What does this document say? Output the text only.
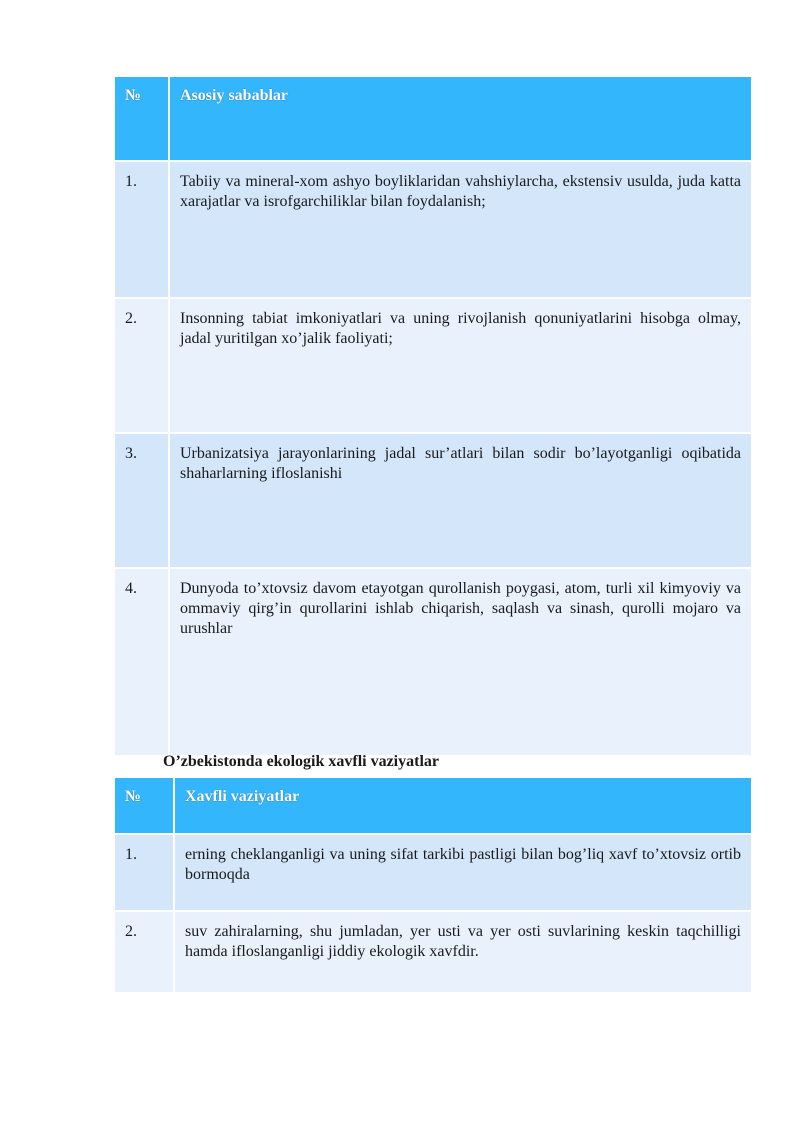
№	Asosiy sabablar
1.	Tabiiy va mineral-xom ashyo boyliklaridan vahshiylarcha, ekstensiv usulda, juda katta xarajatlar va isrofgarchiliklar bilan foydalanish;
2.	Insonning tabiat imkoniyatlari va uning rivojlanish qonuniyatlarini hisobga olmay, jadal yuritilgan xo’jalik faoliyati;
3.	Urbanizatsiya jarayonlarining jadal sur’atlari bilan sodir bo’layotganligi oqibatida shaharlarning ifloslanishi
4.	Dunyoda to’xtovsiz davom etayotgan qurollanish poygasi, atom, turli xil kimyoviy va ommaviy qirg’in qurollarini ishlab chiqarish, saqlash va sinash, qurolli mojaro va urushlar
O’zbekistonda ekologik xavfli vaziyatlar
№	Xavfli vaziyatlar
1.	erning cheklanganligi va uning sifat tarkibi pastligi bilan bog’liq xavf to’xtovsiz ortib bormoqda
2.	suv zahiralarning, shu jumladan, yer usti va yer osti suvlarining keskin taqchilligi hamda ifloslanganligi jiddiy ekologik xavfdir.
